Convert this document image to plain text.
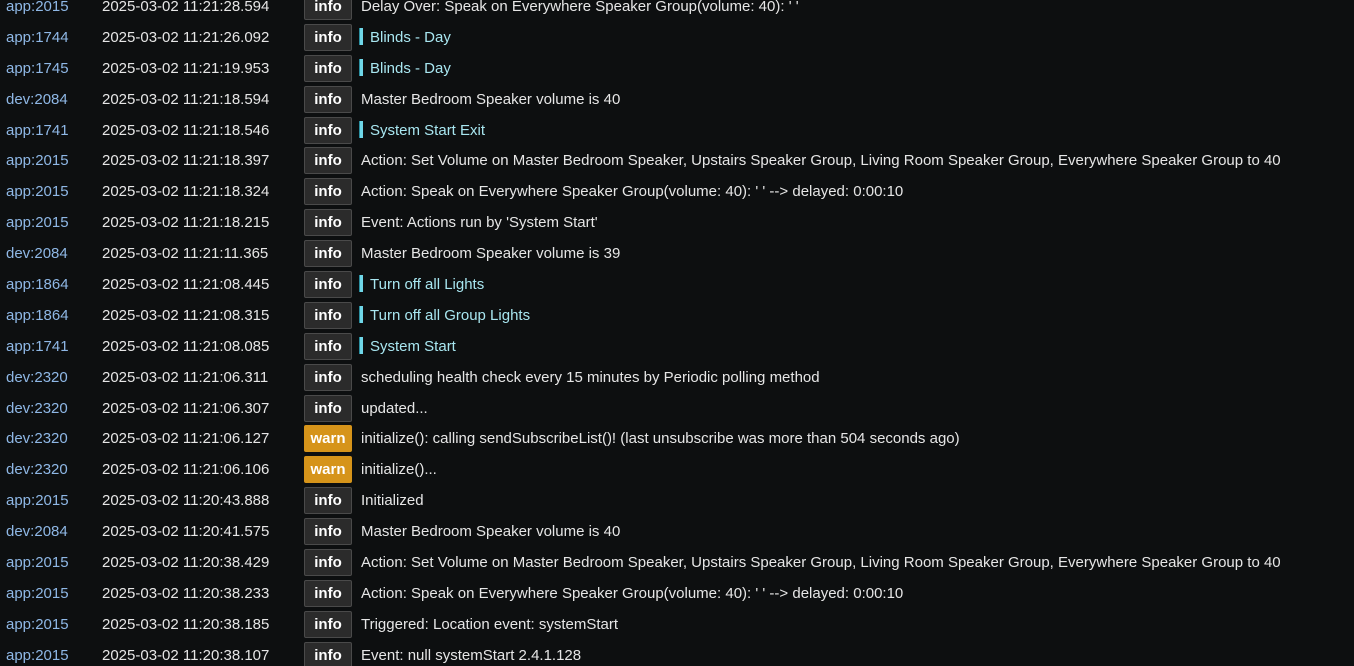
app:2015	2025-03-02 11:21:28.594	info	Delay Over: Speak on Everywhere Speaker Group(volume: 40): ' '
app:1744	2025-03-02 11:21:26.092	info	Blinds - Day
app:1745	2025-03-02 11:21:19.953	info	Blinds - Day
dev:2084	2025-03-02 11:21:18.594	info	Master Bedroom Speaker volume is 40
app:1741	2025-03-02 11:21:18.546	info	System Start Exit
app:2015	2025-03-02 11:21:18.397	info	Action: Set Volume on Master Bedroom Speaker, Upstairs Speaker Group, Living Room Speaker Group, Everywhere Speaker Group to 40
app:2015	2025-03-02 11:21:18.324	info	Action: Speak on Everywhere Speaker Group(volume: 40): ' ' --> delayed: 0:00:10
app:2015	2025-03-02 11:21:18.215	info	Event: Actions run by 'System Start'
dev:2084	2025-03-02 11:21:11.365	info	Master Bedroom Speaker volume is 39
app:1864	2025-03-02 11:21:08.445	info	Turn off all Lights
app:1864	2025-03-02 11:21:08.315	info	Turn off all Group Lights
app:1741	2025-03-02 11:21:08.085	info	System Start
dev:2320	2025-03-02 11:21:06.311	info	scheduling health check every 15 minutes by Periodic polling method
dev:2320	2025-03-02 11:21:06.307	info	updated...
dev:2320	2025-03-02 11:21:06.127	warn	initialize(): calling sendSubscribeList()! (last unsubscribe was more than 504 seconds ago)
dev:2320	2025-03-02 11:21:06.106	warn	initialize()...
app:2015	2025-03-02 11:20:43.888	info	Initialized
dev:2084	2025-03-02 11:20:41.575	info	Master Bedroom Speaker volume is 40
app:2015	2025-03-02 11:20:38.429	info	Action: Set Volume on Master Bedroom Speaker, Upstairs Speaker Group, Living Room Speaker Group, Everywhere Speaker Group to 40
app:2015	2025-03-02 11:20:38.233	info	Action: Speak on Everywhere Speaker Group(volume: 40): ' ' --> delayed: 0:00:10
app:2015	2025-03-02 11:20:38.185	info	Triggered: Location event: systemStart
app:2015	2025-03-02 11:20:38.107	info	Event: null systemStart 2.4.1.128
